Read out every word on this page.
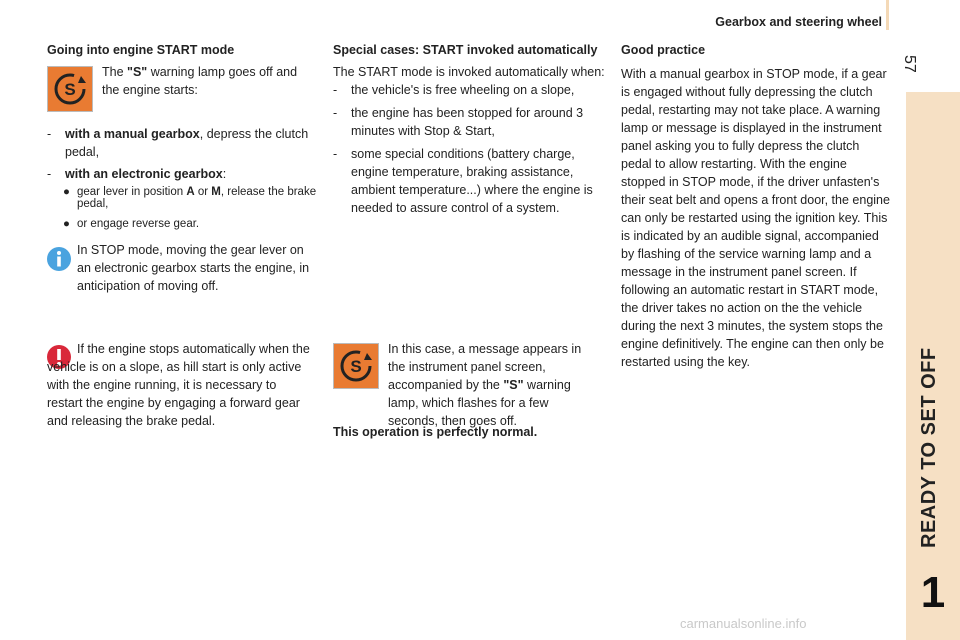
Gearbox and steering wheel
57
READY TO SET OFF
1

Going into engine START mode

The "S" warning lamp goes off and the engine starts:

- with a manual gearbox, depress the clutch pedal,

- with an electronic gearbox:

● gear lever in position A or M, release the brake pedal,

● or engage reverse gear.

S

In STOP mode, moving the gear lever on an electronic gearbox starts the engine, in anticipation of moving off.

If the engine stops automatically when the vehicle is on a slope, as hill start is only active with the engine running, it is necessary to restart the engine by engaging a forward gear and releasing the brake pedal.

Special cases: START invoked automatically

The START mode is invoked automatically when:

- the vehicle's is free wheeling on a slope,

- the engine has been stopped for around 3 minutes with Stop & Start,

- some special conditions (battery charge, engine temperature, braking assistance, ambient temperature...) where the engine is needed to assure control of a system.

S

In this case, a message appears in the instrument panel screen, accompanied by the "S" warning lamp, which flashes for a few seconds, then goes off.

This operation is perfectly normal.

Good practice

With a manual gearbox in STOP mode, if a gear is engaged without fully depressing the clutch pedal, restarting may not take place. A warning lamp or message is displayed in the instrument panel asking you to fully depress the clutch pedal to allow restarting. With the engine stopped in STOP mode, if the driver unfasten's their seat belt and opens a front door, the engine can only be restarted using the ignition key. This is indicated by an audible signal, accompanied by flashing of the service warning lamp and a message in the instrument panel screen. If following an automatic restart in START mode, the driver takes no action on the the vehicle during the next 3 minutes, the system stops the engine definitively. The engine can then only be restarted using the key.

carmanualsonline.info
